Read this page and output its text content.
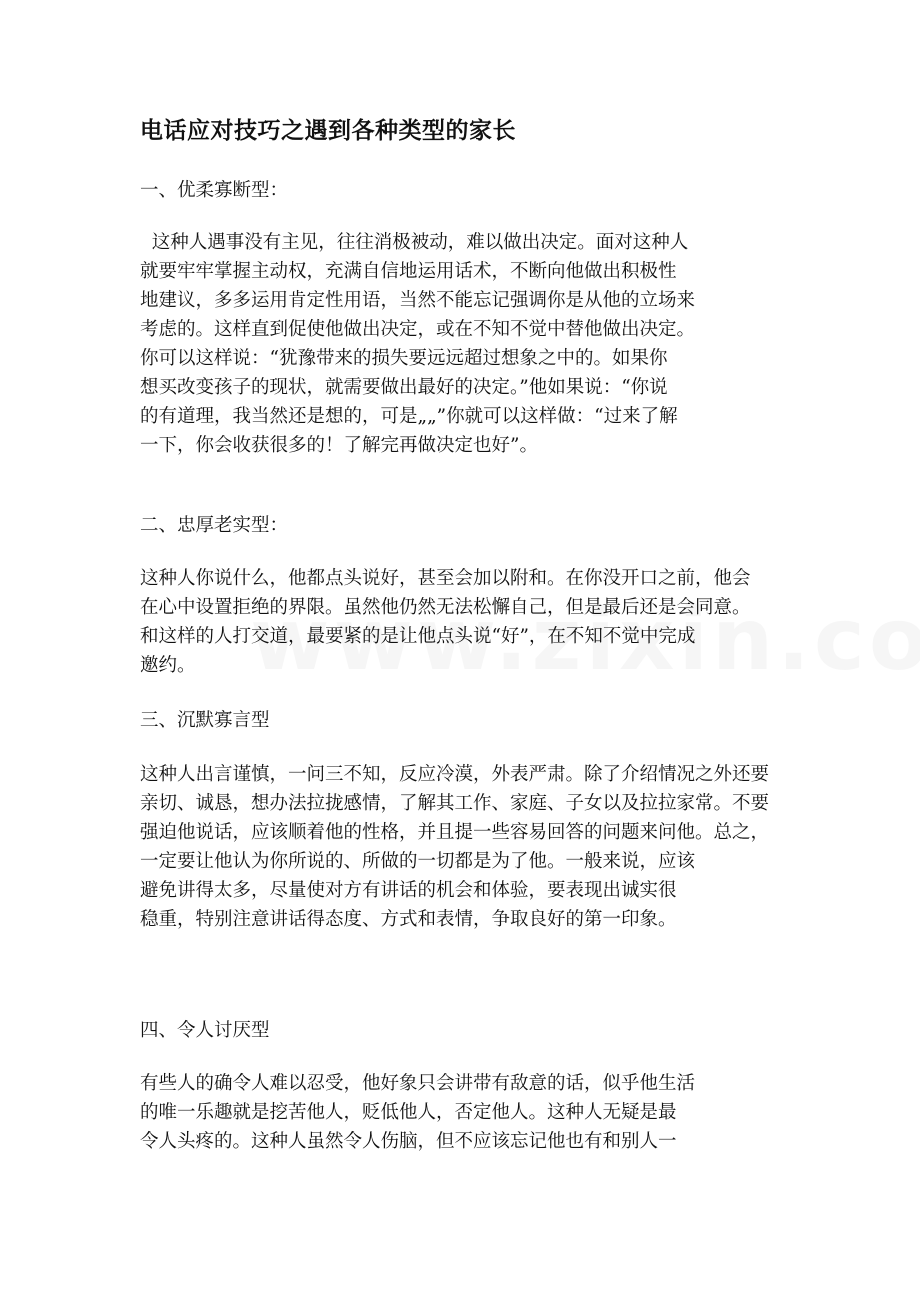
电话应对技巧之遇到各种类型的家长
一、优柔寡断型：
这种人遇事没有主见，往往消极被动，难以做出决定。面对这种人
就要牢牢掌握主动权，充满自信地运用话术，不断向他做出积极性
地建议，多多运用肯定性用语，当然不能忘记强调你是从他的立场来
考虑的。这样直到促使他做出决定，或在不知不觉中替他做出决定。
你可以这样说：“犹豫带来的损失要远远超过想象之中的。如果你
想买改变孩子的现状，就需要做出最好的决定。”他如果说：“你说
的有道理，我当然还是想的，可是„„”你就可以这样做：“过来了解
一下，你会收获很多的！了解完再做决定也好”。
二、忠厚老实型：
这种人你说什么，他都点头说好，甚至会加以附和。在你没开口之前，他会
在心中设置拒绝的界限。虽然他仍然无法松懈自己，但是最后还是会同意。
和这样的人打交道，最要紧的是让他点头说“好”，在不知不觉中完成
邀约。
三、沉默寡言型
这种人出言谨慎，一问三不知，反应冷漠，外表严肃。除了介绍情况之外还要
亲切、诚恳，想办法拉拢感情，了解其工作、家庭、子女以及拉拉家常。不要
强迫他说话，应该顺着他的性格，并且提一些容易回答的问题来问他。总之，
一定要让他认为你所说的、所做的一切都是为了他。一般来说，应该
避免讲得太多，尽量使对方有讲话的机会和体验，要表现出诚实很
稳重，特别注意讲话得态度、方式和表情，争取良好的第一印象。
四、令人讨厌型
有些人的确令人难以忍受，他好象只会讲带有敌意的话，似乎他生活
的唯一乐趣就是挖苦他人，贬低他人，否定他人。这种人无疑是最
令人头疼的。这种人虽然令人伤脑，但不应该忘记他也有和别人一
